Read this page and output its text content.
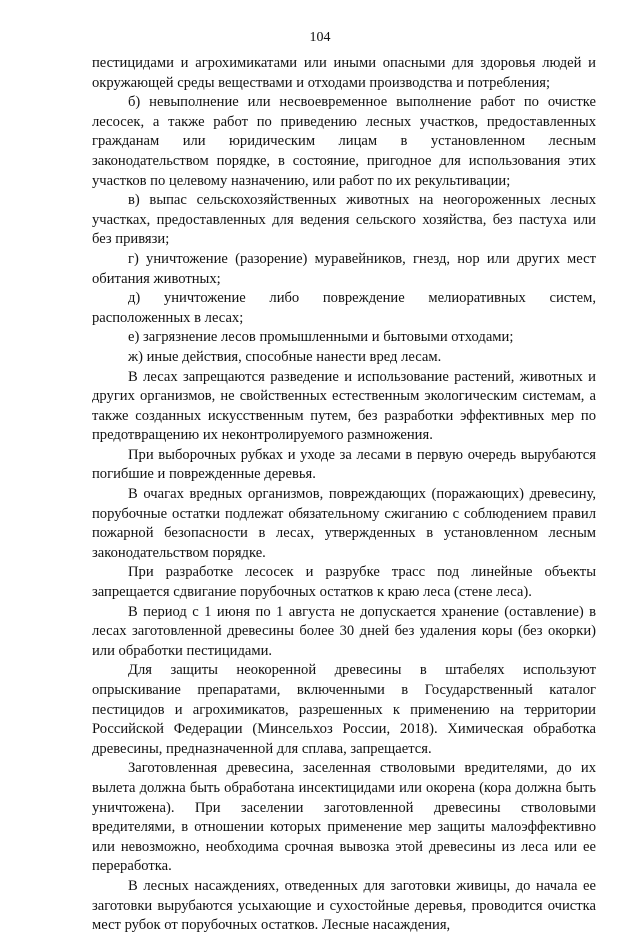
104

пестицидами и агрохимикатами или иными опасными для здоровья людей и окружающей среды веществами и отходами производства и потребления;

б) невыполнение или несвоевременное выполнение работ по очистке лесосек, а также работ по приведению лесных участков, предоставленных гражданам или юридическим лицам в установленном лесным законодательством порядке, в состояние, пригодное для использования этих участков по целевому назначению, или работ по их рекультивации;

в) выпас сельскохозяйственных животных на неогороженных лесных участках, предоставленных для ведения сельского хозяйства, без пастуха или без привязи;

г) уничтожение (разорение) муравейников, гнезд, нор или других мест обитания животных;

д) уничтожение либо повреждение мелиоративных систем, расположенных в лесах;

е) загрязнение лесов промышленными и бытовыми отходами;

ж) иные действия, способные нанести вред лесам.

В лесах запрещаются разведение и использование растений, животных и других организмов, не свойственных естественным экологическим системам, а также созданных искусственным путем, без разработки эффективных мер по предотвращению их неконтролируемого размножения.

При выборочных рубках и уходе за лесами в первую очередь вырубаются погибшие и поврежденные деревья.

В очагах вредных организмов, повреждающих (поражающих) древесину, порубочные остатки подлежат обязательному сжиганию с соблюдением правил пожарной безопасности в лесах, утвержденных в установленном лесным законодательством порядке.

При разработке лесосек и разрубке трасс под линейные объекты запрещается сдвигание порубочных остатков к краю леса (стене леса).

В период с 1 июня по 1 августа не допускается хранение (оставление) в лесах заготовленной древесины более 30 дней без удаления коры (без окорки) или обработки пестицидами.

Для защиты неокоренной древесины в штабелях используют опрыскивание препаратами, включенными в Государственный каталог пестицидов и агрохимикатов, разрешенных к применению на территории Российской Федерации (Минсельхоз России, 2018). Химическая обработка древесины, предназначенной для сплава, запрещается.

Заготовленная древесина, заселенная стволовыми вредителями, до их вылета должна быть обработана инсектицидами или окорена (кора должна быть уничтожена). При заселении заготовленной древесины стволовыми вредителями, в отношении которых применение мер защиты малоэффективно или невозможно, необходима срочная вывозка этой древесины из леса или ее переработка.

В лесных насаждениях, отведенных для заготовки живицы, до начала ее заготовки вырубаются усыхающие и сухостойные деревья, проводится очистка мест рубок от порубочных остатков. Лесные насаждения,
